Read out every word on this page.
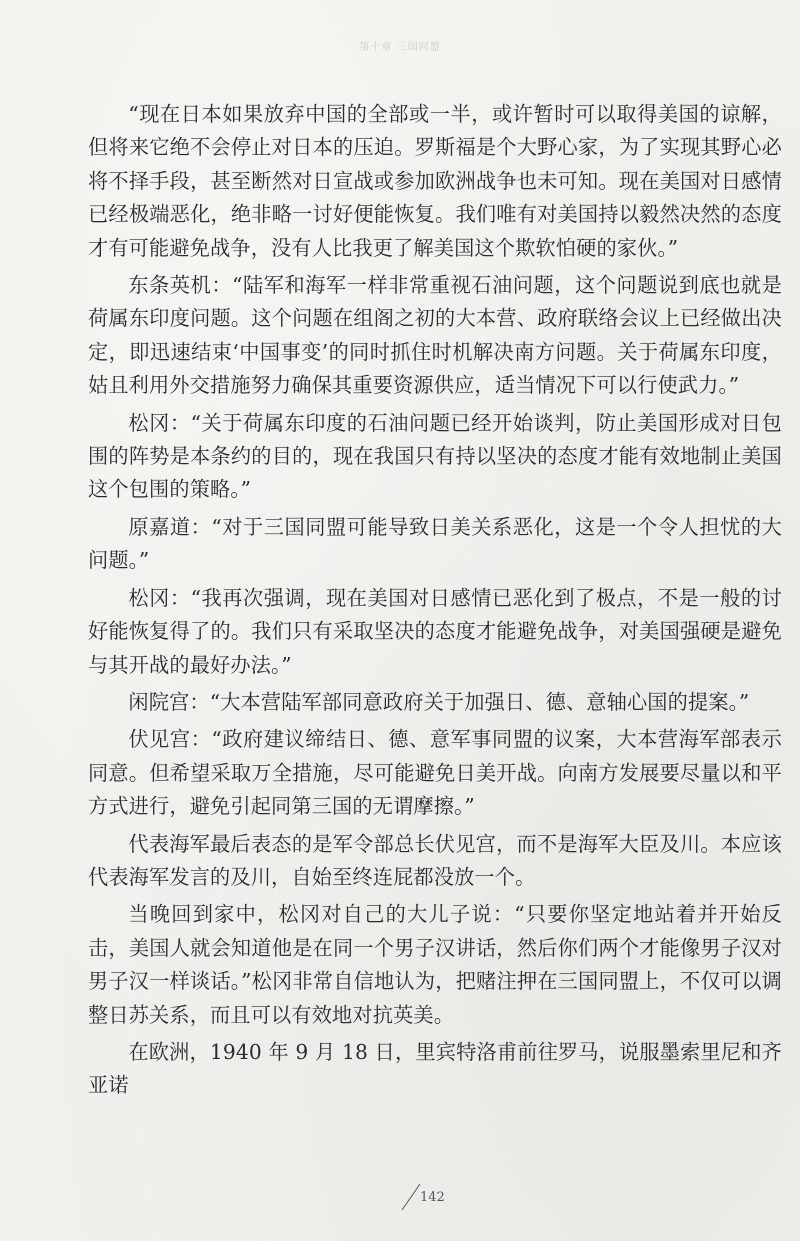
第十章 三国同盟

“现在日本如果放弃中国的全部或一半，或许暂时可以取得美国的谅解，但将来它绝不会停止对日本的压迫。罗斯福是个大野心家，为了实现其野心必将不择手段，甚至断然对日宣战或参加欧洲战争也未可知。现在美国对日感情已经极端恶化，绝非略一讨好便能恢复。我们唯有对美国持以毅然决然的态度才有可能避免战争，没有人比我更了解美国这个欺软怕硬的家伙。”

东条英机：“陆军和海军一样非常重视石油问题，这个问题说到底也就是荷属东印度问题。这个问题在组阁之初的大本营、政府联络会议上已经做出决定，即迅速结束‘中国事变’的同时抓住时机解决南方问题。关于荷属东印度，姑且利用外交措施努力确保其重要资源供应，适当情况下可以行使武力。”

松冈：“关于荷属东印度的石油问题已经开始谈判，防止美国形成对日包围的阵势是本条约的目的，现在我国只有持以坚决的态度才能有效地制止美国这个包围的策略。”

原嘉道：“对于三国同盟可能导致日美关系恶化，这是一个令人担忧的大问题。”

松冈：“我再次强调，现在美国对日感情已恶化到了极点，不是一般的讨好能恢复得了的。我们只有采取坚决的态度才能避免战争，对美国强硬是避免与其开战的最好办法。”

闲院宫：“大本营陆军部同意政府关于加强日、德、意轴心国的提案。”

伏见宫：“政府建议缔结日、德、意军事同盟的议案，大本营海军部表示同意。但希望采取万全措施，尽可能避免日美开战。向南方发展要尽量以和平方式进行，避免引起同第三国的无谓摩擦。”

代表海军最后表态的是军令部总长伏见宫，而不是海军大臣及川。本应该代表海军发言的及川，自始至终连屁都没放一个。

当晚回到家中，松冈对自己的大儿子说：“只要你坚定地站着并开始反击，美国人就会知道他是在同一个男子汉讲话，然后你们两个才能像男子汉对男子汉一样谈话。”松冈非常自信地认为，把赌注押在三国同盟上，不仅可以调整日苏关系，而且可以有效地对抗英美。

在欧洲，1940 年 9 月 18 日，里宾特洛甫前往罗马，说服墨索里尼和齐亚诺

142
